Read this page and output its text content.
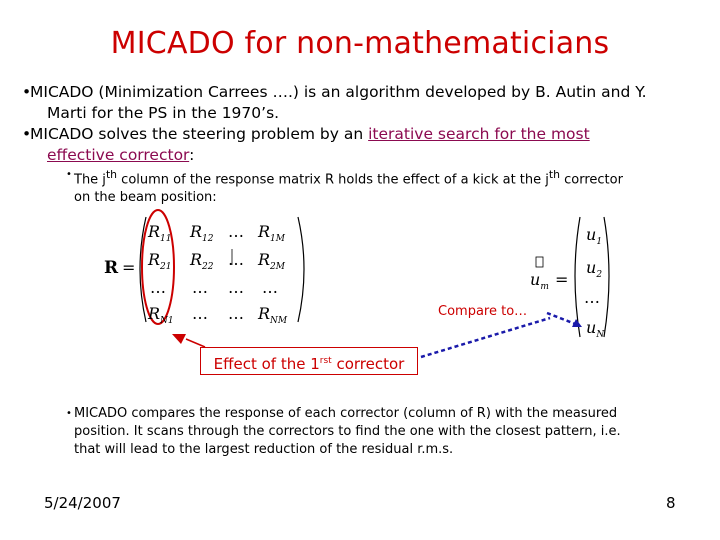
MICADO for non-mathematicians
•
MICADO (Minimization Carrees ….) is an algorithm developed by B. Autin and Y.
Marti for the PS in the 1970’s.
•
MICADO solves the steering problem by an iterative search for the most
effective corrector:
• The $j^{th}$ column of the response matrix R holds the effect of a kick at the $j^{th}$ corrector
on the beam position:
R =
$R_{11}$ $R_{12}$ … $R_{1M}$
$R_{21}$ $R_{22}$ … $R_{2M}$
… … … …
$R_{N1}$ … … $R_{NM}$
$u_m$ =
$u_1$
$u_2$
…
$u_N$
Compare to…
Effect of the $1^{rst}$ corrector
• MICADO compares the response of each corrector (column of R) with the measured
position. It scans through the correctors to find the one with the closest pattern, i.e.
that will lead to the largest reduction of the residual r.m.s.
5/24/2007	8
